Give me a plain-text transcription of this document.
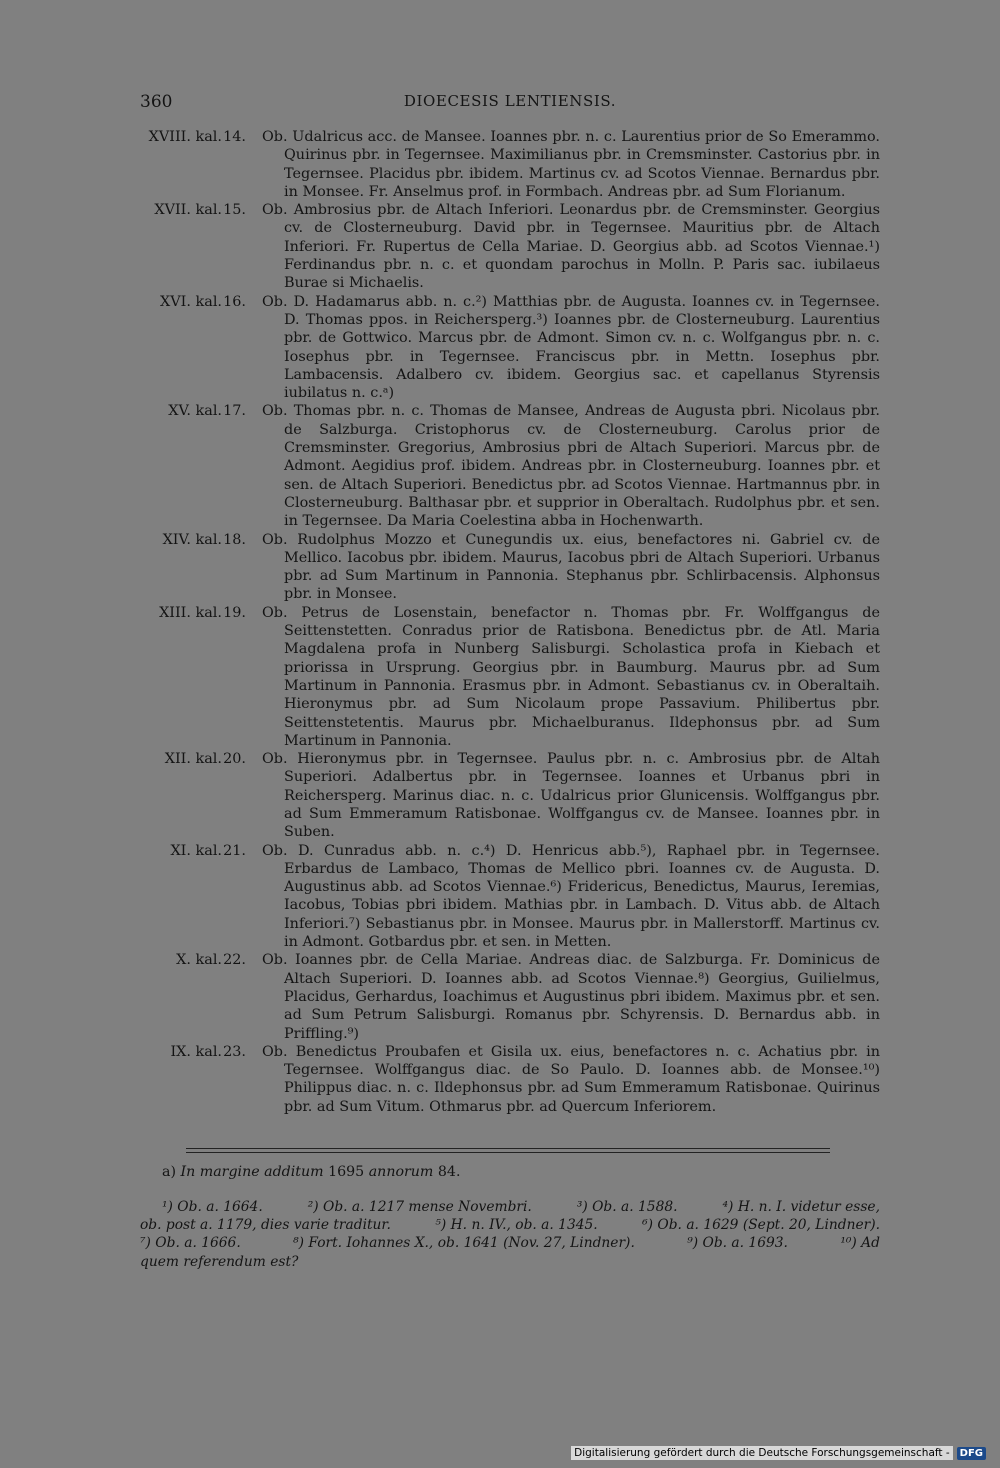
360	DIOECESIS LENTIENSIS.
XVIII. kal. 14.	Ob. Udalricus acc. de Mansee. Ioannes pbr. n. c. Laurentius prior de So Emerammo. Quirinus pbr. in Tegernsee. Maximilianus pbr. in Cremsminster. Castorius pbr. in Tegernsee. Placidus pbr. ibidem. Martinus cv. ad Scotos Viennae. Bernardus pbr. in Monsee. Fr. Anselmus prof. in Formbach. Andreas pbr. ad Sum Florianum.
XVII. kal. 15.	Ob. Ambrosius pbr. de Altach Inferiori. Leonardus pbr. de Cremsminster. Georgius cv. de Closterneuburg. David pbr. in Tegernsee. Mauritius pbr. de Altach Inferiori. Fr. Rupertus de Cella Mariae. D. Georgius abb. ad Scotos Viennae.¹) Ferdinandus pbr. n. c. et quondam parochus in Molln. P. Paris sac. iubilaeus Burae si Michaelis.
XVI. kal. 16.	Ob. D. Hadamarus abb. n. c.²) Matthias pbr. de Augusta. Ioannes cv. in Tegernsee. D. Thomas ppos. in Reichersperg.³) Ioannes pbr. de Closterneuburg. Laurentius pbr. de Gottwico. Marcus pbr. de Admont. Simon cv. n. c. Wolfgangus pbr. n. c. Iosephus pbr. in Tegernsee. Franciscus pbr. in Mettn. Iosephus pbr. Lambacensis. Adalbero cv. ibidem. Georgius sac. et capellanus Styrensis iubilatus n. c.ᵃ)
XV. kal. 17.	Ob. Thomas pbr. n. c. Thomas de Mansee, Andreas de Augusta pbri. Nicolaus pbr. de Salzburga. Cristophorus cv. de Closterneuburg. Carolus prior de Cremsminster. Gregorius, Ambrosius pbri de Altach Superiori. Marcus pbr. de Admont. Aegidius prof. ibidem. Andreas pbr. in Closterneuburg. Ioannes pbr. et sen. de Altach Superiori. Benedictus pbr. ad Scotos Viennae. Hartmannus pbr. in Closterneuburg. Balthasar pbr. et supprior in Oberaltach. Rudolphus pbr. et sen. in Tegernsee. Da Maria Coelestina abba in Hochenwarth.
XIV. kal. 18.	Ob. Rudolphus Mozzo et Cunegundis ux. eius, benefactores ni. Gabriel cv. de Mellico. Iacobus pbr. ibidem. Maurus, Iacobus pbri de Altach Superiori. Urbanus pbr. ad Sum Martinum in Pannonia. Stephanus pbr. Schlirbacensis. Alphonsus pbr. in Monsee.
XIII. kal. 19.	Ob. Petrus de Losenstain, benefactor n. Thomas pbr. Fr. Wolffgangus de Seittenstetten. Conradus prior de Ratisbona. Benedictus pbr. de Atl. Maria Magdalena profa in Nunberg Salisburgi. Scholastica profa in Kiebach et priorissa in Ursprung. Georgius pbr. in Baumburg. Maurus pbr. ad Sum Martinum in Pannonia. Erasmus pbr. in Admont. Sebastianus cv. in Oberaltaih. Hieronymus pbr. ad Sum Nicolaum prope Passavium. Philibertus pbr. Seittenstetentis. Maurus pbr. Michaelburanus. Ildephonsus pbr. ad Sum Martinum in Pannonia.
XII. kal. 20.	Ob. Hieronymus pbr. in Tegernsee. Paulus pbr. n. c. Ambrosius pbr. de Altah Superiori. Adalbertus pbr. in Tegernsee. Ioannes et Urbanus pbri in Reichersperg. Marinus diac. n. c. Udalricus prior Glunicensis. Wolffgangus pbr. ad Sum Emmeramum Ratisbonae. Wolffgangus cv. de Mansee. Ioannes pbr. in Suben.
XI. kal. 21.	Ob. D. Cunradus abb. n. c.⁴) D. Henricus abb.⁵), Raphael pbr. in Tegernsee. Erbardus de Lambaco, Thomas de Mellico pbri. Ioannes cv. de Augusta. D. Augustinus abb. ad Scotos Viennae.⁶) Fridericus, Benedictus, Maurus, Ieremias, Iacobus, Tobias pbri ibidem. Mathias pbr. in Lambach. D. Vitus abb. de Altach Inferiori.⁷) Sebastianus pbr. in Monsee. Maurus pbr. in Mallerstorff. Martinus cv. in Admont. Gotbardus pbr. et sen. in Metten.
X. kal. 22.	Ob. Ioannes pbr. de Cella Mariae. Andreas diac. de Salzburga. Fr. Dominicus de Altach Superiori. D. Ioannes abb. ad Scotos Viennae.⁸) Georgius, Guilielmus, Placidus, Gerhardus, Ioachimus et Augustinus pbri ibidem. Maximus pbr. et sen. ad Sum Petrum Salisburgi. Romanus pbr. Schyrensis. D. Bernardus abb. in Priffling.⁹)
IX. kal. 23.	Ob. Benedictus Proubafen et Gisila ux. eius, benefactores n. c. Achatius pbr. in Tegernsee. Wolffgangus diac. de So Paulo. D. Ioannes abb. de Monsee.¹⁰) Philippus diac. n. c. Ildephonsus pbr. ad Sum Emmeramum Ratisbonae. Quirinus pbr. ad Sum Vitum. Othmarus pbr. ad Quercum Inferiorem.
a) In margine additum 1695 annorum 84.
¹) Ob. a. 1664.	²) Ob. a. 1217 mense Novembri.	³) Ob. a. 1588.	⁴) H. n. I. videtur esse,
ob. post a. 1179, dies varie traditur.	⁵) H. n. IV., ob. a. 1345.	⁶) Ob. a. 1629 (Sept. 20, Lindner).
⁷) Ob. a. 1666.	⁸) Fort. Iohannes X., ob. 1641 (Nov. 27, Lindner).	⁹) Ob. a. 1693.	¹⁰) Ad
quem referendum est?
Digitalisierung gefördert durch die Deutsche Forschungsgemeinschaft -	DFG
